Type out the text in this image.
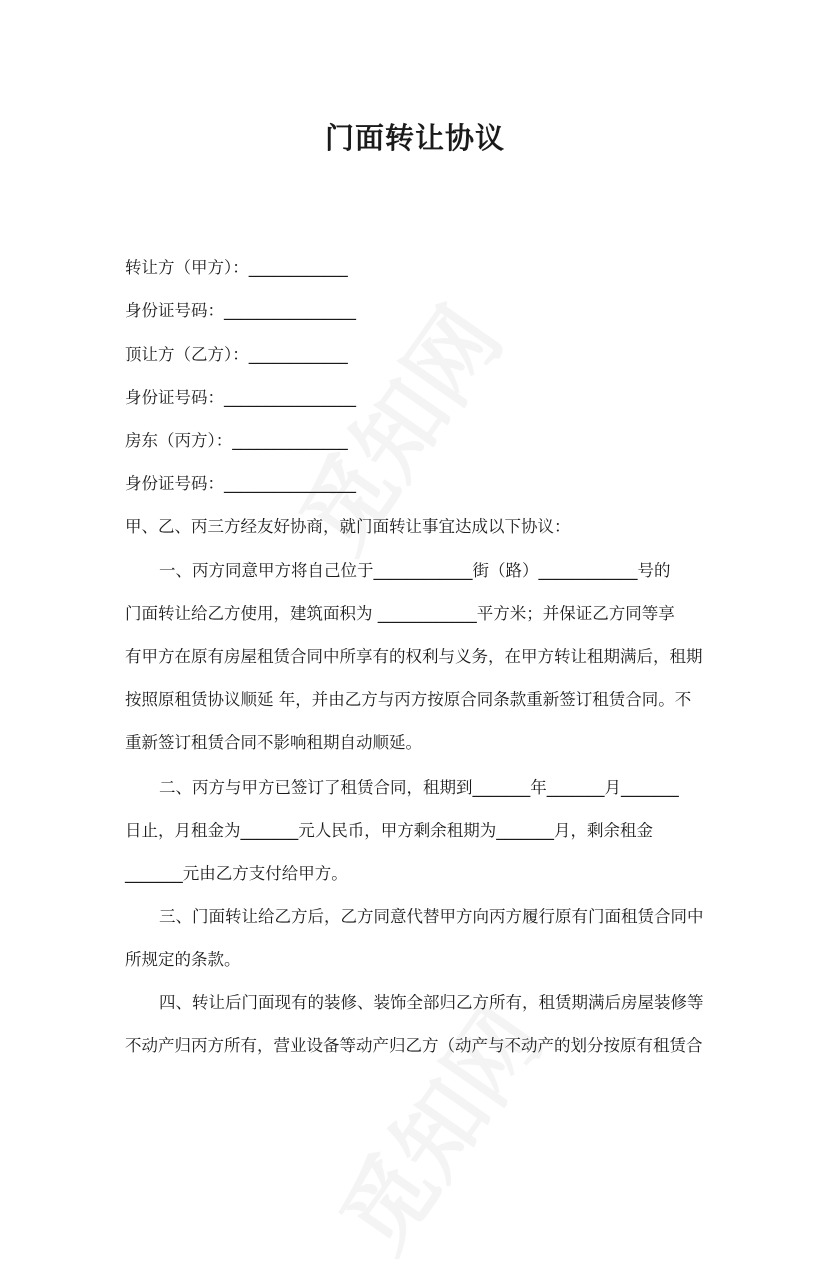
门面转让协议
转让方（甲方）：____________
身份证号码：________________
顶让方（乙方）：____________
身份证号码：________________
房东（丙方）：______________
身份证号码：________________
甲、乙、丙三方经友好协商，就门面转让事宜达成以下协议：
一、丙方同意甲方将自己位于____________街（路）____________号的
门面转让给乙方使用，建筑面积为 ____________平方米；并保证乙方同等享
有甲方在原有房屋租赁合同中所享有的权利与义务，在甲方转让租期满后，租期
按照原租赁协议顺延 年，并由乙方与丙方按原合同条款重新签订租赁合同。不
重新签订租赁合同不影响租期自动顺延。
二、丙方与甲方已签订了租赁合同，租期到_______年_______月_______
日止，月租金为_______元人民币，甲方剩余租期为_______月，剩余租金
_______元由乙方支付给甲方。
三、门面转让给乙方后，乙方同意代替甲方向丙方履行原有门面租赁合同中
所规定的条款。
四、转让后门面现有的装修、装饰全部归乙方所有，租赁期满后房屋装修等
不动产归丙方所有，营业设备等动产归乙方（动产与不动产的划分按原有租赁合
